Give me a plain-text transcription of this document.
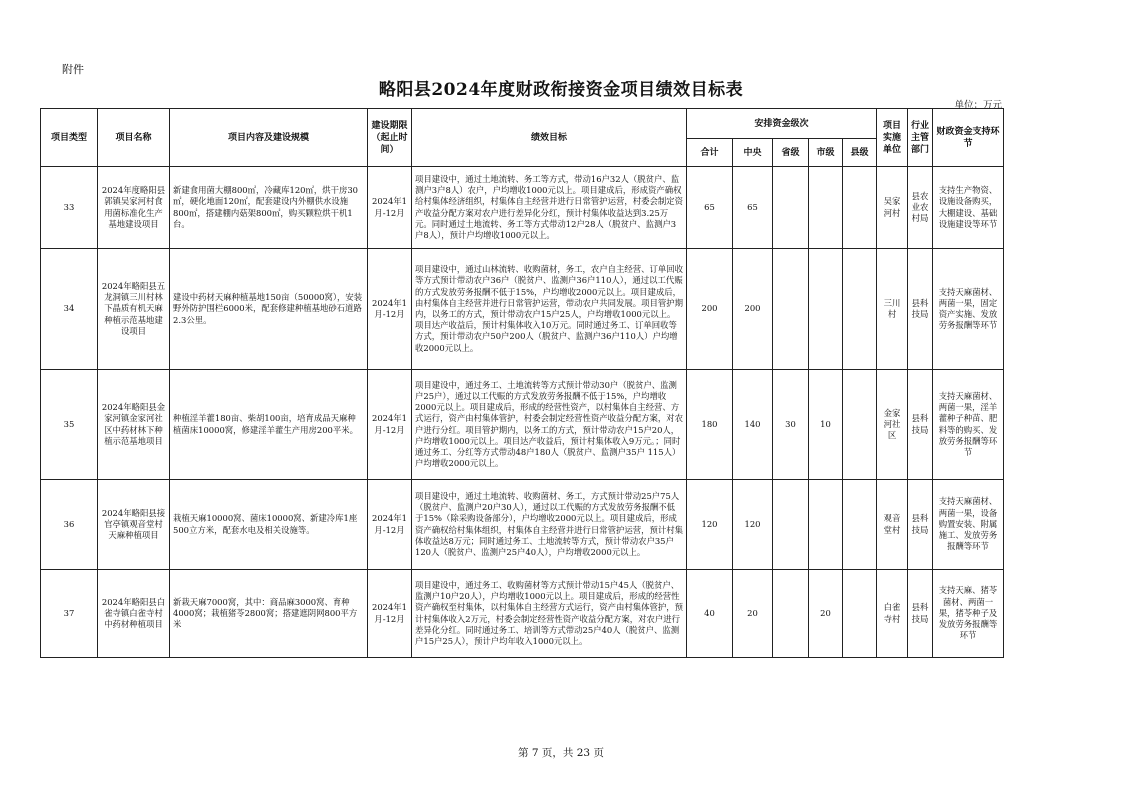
附件
略阳县2024年度财政衔接资金项目绩效目标表
单位：万元
项目类型	项目名称	项目内容及建设规模	建设期限（起止时间）	绩效目标	安排资金级次					项目实施单位	行业主管部门	财政资金支持环节
					合计	中央	省级	市级	县级			
33	2024年度略阳县郭镇吴家河村食用菌标准化生产基地建设项目	新建食用菌大棚800㎡，冷藏库120㎡，烘干房30㎡，硬化地面120㎡，配套建设内外棚供水设施800㎡，搭建棚内菇架800㎡，购买颗粒烘干机1台。	2024年1月-12月	项目建设中，通过土地流转、务工等方式，带动16户32人（脱贫户、监测户3户8人）农户，户均增收1000元以上。项目建成后，形成资产确权给村集体经济组织，村集体自主经营并进行日常管护运营，村委会制定资产收益分配方案对农户进行差异化分红，预计村集体收益达到3.25万元。同时通过土地流转、务工等方式带动12户28人（脱贫户、监测户3户8人），预计户均增收1000元以上。	65	65				吴家河村	县农业农村局	支持生产物资、设施设备购买，大棚建设、基础设施建设等环节
34	2024年略阳县五龙洞镇三川村林下晶质有机天麻种植示范基地建设项目	建设中药材天麻种植基地150亩（50000窝），安装野外防护围栏6000米，配套修建种植基地砂石道路2.3公里。	2024年1月-12月	项目建设中，通过山林流转、收购菌材，务工，农户自主经营、订单回收等方式预计带动农户36户（脱贫户、监测户36户110人），通过以工代赈的方式发放劳务报酬不低于15%，户均增收2000元以上。项目建成后，由村集体自主经营并进行日常管护运营，带动农户共同发展。项目管护期内，以务工的方式，预计带动农户15户25人，户均增收1000元以上。项目达产收益后，预计村集体收入10万元。同时通过务工、订单回收等方式，预计带动农户50户200人（脱贫户、监测户36户110人）户均增收2000元以上。	200	200				三川村	县科技局	支持天麻菌材、两菌一果，固定资产实施、发放劳务报酬等环节
35	2024年略阳县金家河镇金家河社区中药材林下种植示范基地项目	种植淫羊藿180亩、柴胡100亩，培育成品天麻种植菌床10000窝，修建淫羊藿生产用房200平米。	2024年1月-12月	项目建设中，通过务工、土地流转等方式预计带动30户（脱贫户、监测户25户），通过以工代赈的方式发放劳务报酬不低于15%，户均增收2000元以上。项目建成后，形成的经营性资产，以村集体自主经营、方式运行，资产由村集体管护，村委会制定经营性资产收益分配方案，对农户进行分红。项目管护期内，以务工的方式，预计带动农户15户20人，户均增收1000元以上。项目达产收益后，预计村集体收入9万元。；同时通过务工、分红等方式带动48户180人（脱贫户、监测户35户 115人）户均增收2000元以上。	180	140	30	10		金家河社区	县科技局	支持天麻菌材、两菌一果，淫羊藿种子种苗、肥料等的购买、发放劳务报酬等环节
36	2024年略阳县接官亭镇观音堂村天麻种植项目	栽植天麻10000窝、菌床10000窝、新建冷库1座500立方米，配套水电及相关设施等。	2024年1月-12月	项目建设中，通过土地流转、收购菌材、务工，方式预计带动25户75人（脱贫户、监测户20户30人），通过以工代赈的方式发放劳务报酬不低于15%（除采购设备部分），户均增收2000元以上。项目建成后，形成资产确权给村集体组织，村集体自主经营并进行日常管护运营，预计村集体收益达8万元；同时通过务工、土地流转等方式，预计带动农户35户120人（脱贫户、监测户25户40人），户均增收2000元以上。	120	120				观音堂村	县科技局	支持天麻菌材、两菌一果，设备购置安装、附属施工、发放劳务报酬等环节
37	2024年略阳县白雀寺镇白雀寺村中药材种植项目	新栽天麻7000窝，其中：商品麻3000窝、育种4000窝；栽植猪苓2800窝；搭建遮阴网800平方米	2024年1月-12月	项目建设中，通过务工、收购菌材等方式预计带动15户45人（脱贫户、监测户10户20人），户均增收1000元以上。项目建成后，形成的经营性资产确权至村集体，以村集体自主经营方式运行，资产由村集体管护，预计村集体收入2万元，村委会制定经营性资产收益分配方案，对农户进行差异化分红。同时通过务工、培训等方式带动25户40人（脱贫户、监测户15户25人），预计户均年收入1000元以上。	40	20		20		白雀寺村	县科技局	支持天麻、猪苓菌材、两菌一果，猪苓种子及发放劳务报酬等环节
第 7 页，共 23 页
